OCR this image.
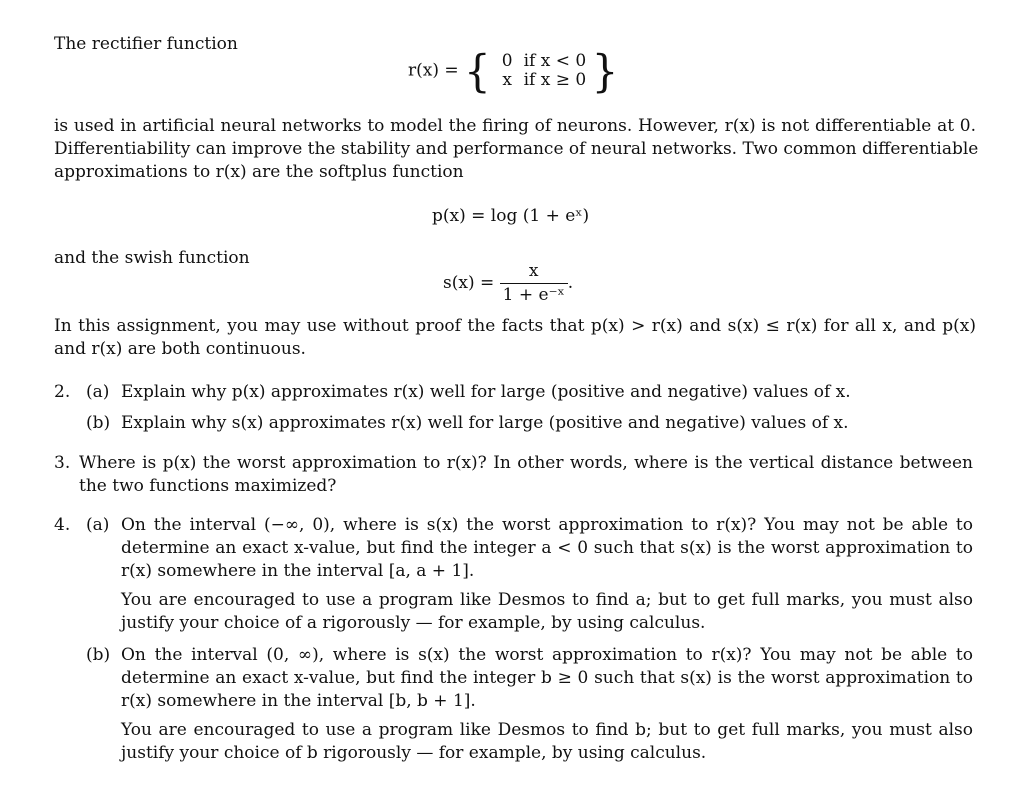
The rectifier function
r(x) = { 0 if x < 0
x if x ≥ 0 }
is used in artificial neural networks to model the firing of neurons. However, r(x) is not differentiable at 0.
Differentiability can improve the stability and performance of neural networks. Two common differentiable
approximations to r(x) are the softplus function
p(x) = log (1 + eˣ)
and the swish function
$s(x) = \frac{x}{\text{1 + e⁻ˣ}}$ .
In this assignment, you may use without proof the facts that p(x) > r(x) and s(x) ≤ r(x) for all x, and p(x)
and r(x) are both continuous.
2. (a) Explain why p(x) approximates r(x) well for large (positive and negative) values of x.
(b) Explain why s(x) approximates r(x) well for large (positive and negative) values of x.
3. Where is p(x) the worst approximation to r(x)? In other words, where is the vertical distance between
the two functions maximized?
4. (a) On the interval (−∞, 0), where is s(x) the worst approximation to r(x)? You may not be able to
determine an exact x-value, but find the integer a < 0 such that s(x) is the worst approximation to
r(x) somewhere in the interval [a, a + 1].
You are encouraged to use a program like Desmos to find a; but to get full marks, you must also
justify your choice of a rigorously — for example, by using calculus.
(b) On the interval (0, ∞), where is s(x) the worst approximation to r(x)? You may not be able to
determine an exact x-value, but find the integer b ≥ 0 such that s(x) is the worst approximation to
r(x) somewhere in the interval [b, b + 1].
You are encouraged to use a program like Desmos to find b; but to get full marks, you must also
justify your choice of b rigorously — for example, by using calculus.
